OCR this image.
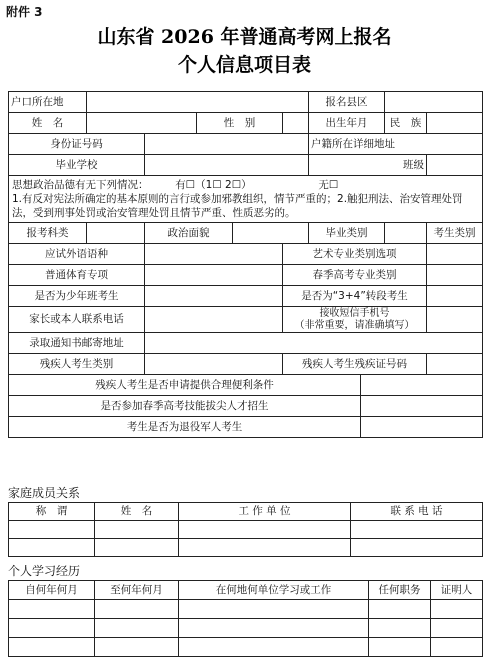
附件 3
山东省 2026 年普通高考网上报名
个人信息项目表
户口所在地						报名县区			
姓　名			性　别			出生年月		民　族	
身份证号码						户籍所在详细地址			
毕业学校						班级			

思想政治品德有无下列情况： 有☐（1☐ 2☐） 无☐
1.有反对宪法所确定的基本原则的言行或参加邪教组织，情节严重的；2.触犯刑法、治安管理处罚法，受到刑事处罚或治安管理处罚且情节严重、性质恶劣的。									

报考科类		政治面貌				毕业类别			考生类别
应试外语语种					艺术专业类别选项				
普通体育专项					春季高考专业类别				
是否为少年班考生					是否为“3+4”转段考生				
家长或本人联系电话					接收短信手机号
（非常重要，请准确填写）				

录取通知书邮寄地址									
残疾人考生类别					残疾人考生残疾证号码				
残疾人考生是否申请提供合理便利条件									
是否参加春季高考技能拔尖人才招生									
考生是否为退役军人考生									
家庭成员关系
称　谓	姓　名	工 作 单 位	联 系 电 话

个人学习经历
自何年何月	至何年何月	在何地何单位学习或工作	任何职务	证明人
